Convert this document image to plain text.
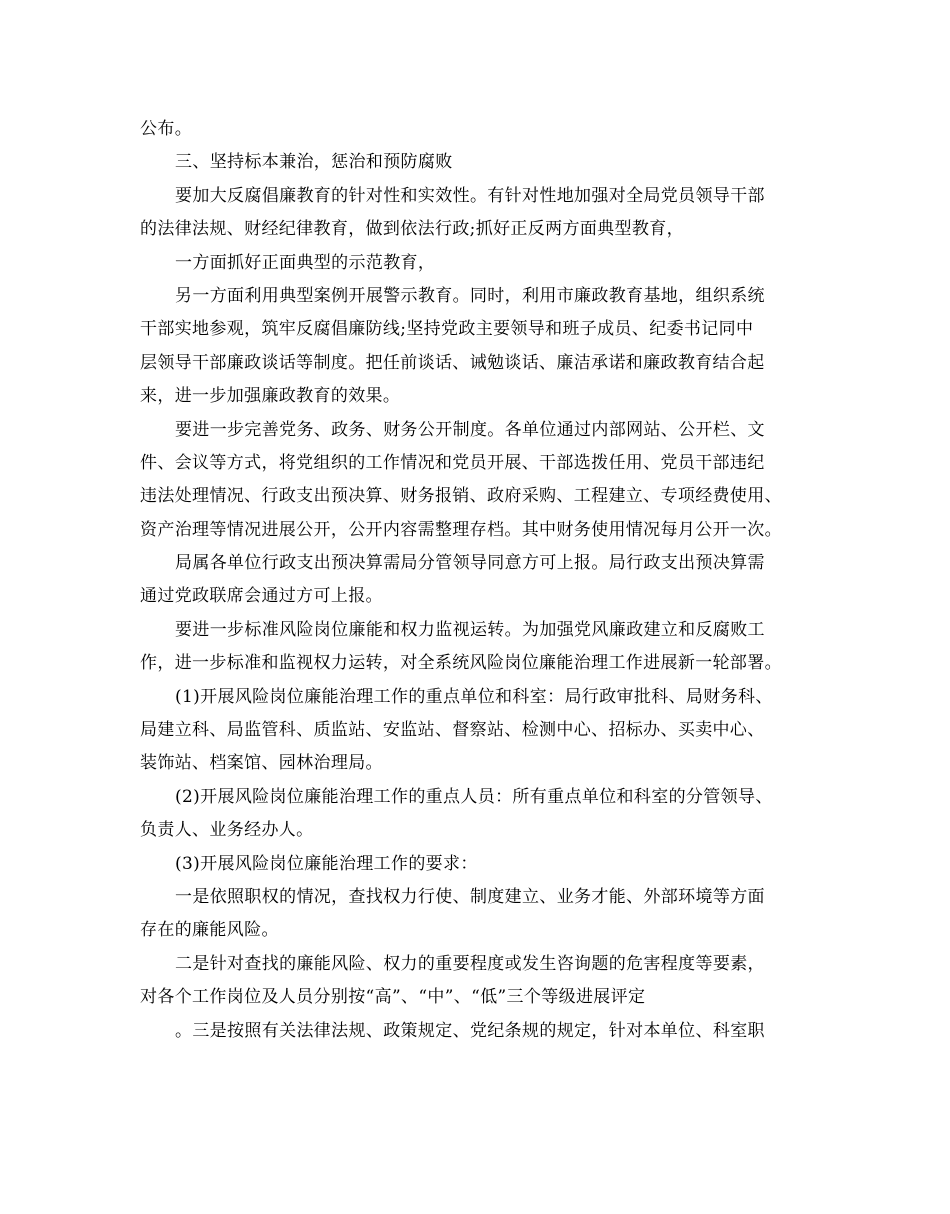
公布。
三、坚持标本兼治，惩治和预防腐败
要加大反腐倡廉教育的针对性和实效性。有针对性地加强对全局党员领导干部
的法律法规、财经纪律教育，做到依法行政;抓好正反两方面典型教育，
一方面抓好正面典型的示范教育，
另一方面利用典型案例开展警示教育。同时，利用市廉政教育基地，组织系统
干部实地参观，筑牢反腐倡廉防线;坚持党政主要领导和班子成员、纪委书记同中
层领导干部廉政谈话等制度。把任前谈话、诫勉谈话、廉洁承诺和廉政教育结合起
来，进一步加强廉政教育的效果。
要进一步完善党务、政务、财务公开制度。各单位通过内部网站、公开栏、文
件、会议等方式，将党组织的工作情况和党员开展、干部选拨任用、党员干部违纪
违法处理情况、行政支出预决算、财务报销、政府采购、工程建立、专项经费使用、
资产治理等情况进展公开，公开内容需整理存档。其中财务使用情况每月公开一次。
局属各单位行政支出预决算需局分管领导同意方可上报。局行政支出预决算需
通过党政联席会通过方可上报。
要进一步标准风险岗位廉能和权力监视运转。为加强党风廉政建立和反腐败工
作，进一步标准和监视权力运转，对全系统风险岗位廉能治理工作进展新一轮部署。
(1)开展风险岗位廉能治理工作的重点单位和科室：局行政审批科、局财务科、
局建立科、局监管科、质监站、安监站、督察站、检测中心、招标办、买卖中心、
装饰站、档案馆、园林治理局。
(2)开展风险岗位廉能治理工作的重点人员：所有重点单位和科室的分管领导、
负责人、业务经办人。
(3)开展风险岗位廉能治理工作的要求：
一是依照职权的情况，查找权力行使、制度建立、业务才能、外部环境等方面
存在的廉能风险。
二是针对查找的廉能风险、权力的重要程度或发生咨询题的危害程度等要素，
对各个工作岗位及人员分别按“高”、“中”、“低”三个等级进展评定
。三是按照有关法律法规、政策规定、党纪条规的规定，针对本单位、科室职
